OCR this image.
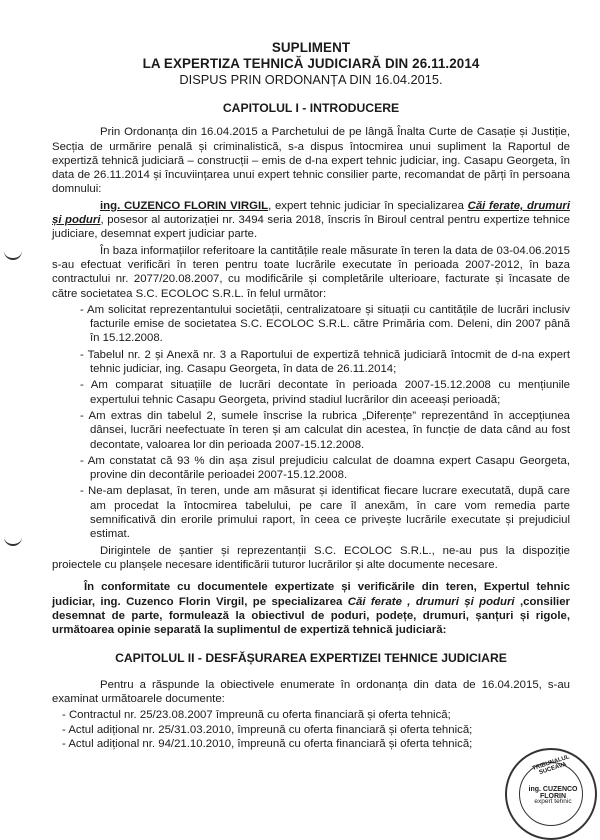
SUPLIMENT
LA EXPERTIZA TEHNICĂ JUDICIARĂ DIN 26.11.2014
DISPUS PRIN ORDONANȚA DIN 16.04.2015.
CAPITOLUL I - INTRODUCERE

Prin Ordonanța din 16.04.2015 a Parchetului de pe lângă Înalta Curte de Casație și Justiție, Secția de urmărire penală și criminalistică, s-a dispus întocmirea unui supliment la Raportul de expertiză tehnică judiciară – construcții – emis de d-na expert tehnic judiciar, ing. Casapu Georgeta, în data de 26.11.2014 și încuviințarea unui expert tehnic consilier parte, recomandat de părți în persoana domnului:

ing. CUZENCO FLORIN VIRGIL, expert tehnic judiciar în specializarea Căi ferate, drumuri și poduri, posesor al autorizației nr. 3494 seria 2018, înscris în Biroul central pentru expertize tehnice judiciare, desemnat expert judiciar parte.

În baza informațiilor referitoare la cantitățile reale măsurate în teren la data de 03-04.06.2015 s-au efectuat verificări în teren pentru toate lucrările executate în perioada 2007-2012, în baza contractului nr. 2077/20.08.2007, cu modificările și completările ulterioare, facturate și încasate de către societatea S.C. ECOLOC S.R.L. în felul următor:

- Am solicitat reprezentantului societății, centralizatoare și situații cu cantitățile de lucrări inclusiv facturile emise de societatea S.C. ECOLOC S.R.L. către Primăria com. Deleni, din 2007 până în 15.12.2008.

- Tabelul nr. 2 și Anexă nr. 3 a Raportului de expertiză tehnică judiciară întocmit de d-na expert tehnic judiciar, ing. Casapu Georgeta, în data de 26.11.2014;

- Am comparat situațiile de lucrări decontate în perioada 2007-15.12.2008 cu mențiunile expertului tehnic Casapu Georgeta, privind stadiul lucrărilor din aceeași perioadă;

- Am extras din tabelul 2, sumele înscrise la rubrica „Diferențe” reprezentând în accepțiunea dânsei, lucrări neefectuate în teren și am calculat din acestea, în funcție de data când au fost decontate, valoarea lor din perioada 2007-15.12.2008.

- Am constatat că 93 % din așa zisul prejudiciu calculat de doamna expert Casapu Georgeta, provine din decontările perioadei 2007-15.12.2008.

- Ne-am deplasat, în teren, unde am măsurat și identificat fiecare lucrare executată, după care am procedat la întocmirea tabelului, pe care îl anexăm, în care vom remedia parte semnificativă din erorile primului raport, în ceea ce privește lucrările executate și prejudiciul estimat.

Dirigintele de șantier și reprezentanții S.C. ECOLOC S.R.L., ne-au pus la dispoziție proiectele cu planșele necesare identificării tuturor lucrărilor și alte documente necesare.

În conformitate cu documentele expertizate și verificările din teren, Expertul tehnic judiciar, ing. Cuzenco Florin Virgil, pe specializarea Căi ferate , drumuri și poduri ,consilier desemnat de parte, formulează la obiectivul de poduri, podețe, drumuri, șanțuri și rigole, următoarea opinie separată la suplimentul de expertiză tehnică judiciară:

CAPITOLUL II - DESFĂȘURAREA EXPERTIZEI TEHNICE JUDICIARE

Pentru a răspunde la obiectivele enumerate în ordonanța din data de 16.04.2015, s-au examinat următoarele documente:

- Contractul nr. 25/23.08.2007 împreună cu oferta financiară și oferta tehnică;
- Actul adițional nr. 25/31.03.2010, împreună cu oferta financiară și oferta tehnică;
- Actul adițional nr. 94/21.10.2010, împreună cu oferta financiară și oferta tehnică;
TRIBUNALUL SUCEAVA
ing. CUZENCO FLORIN
expert tehnic
